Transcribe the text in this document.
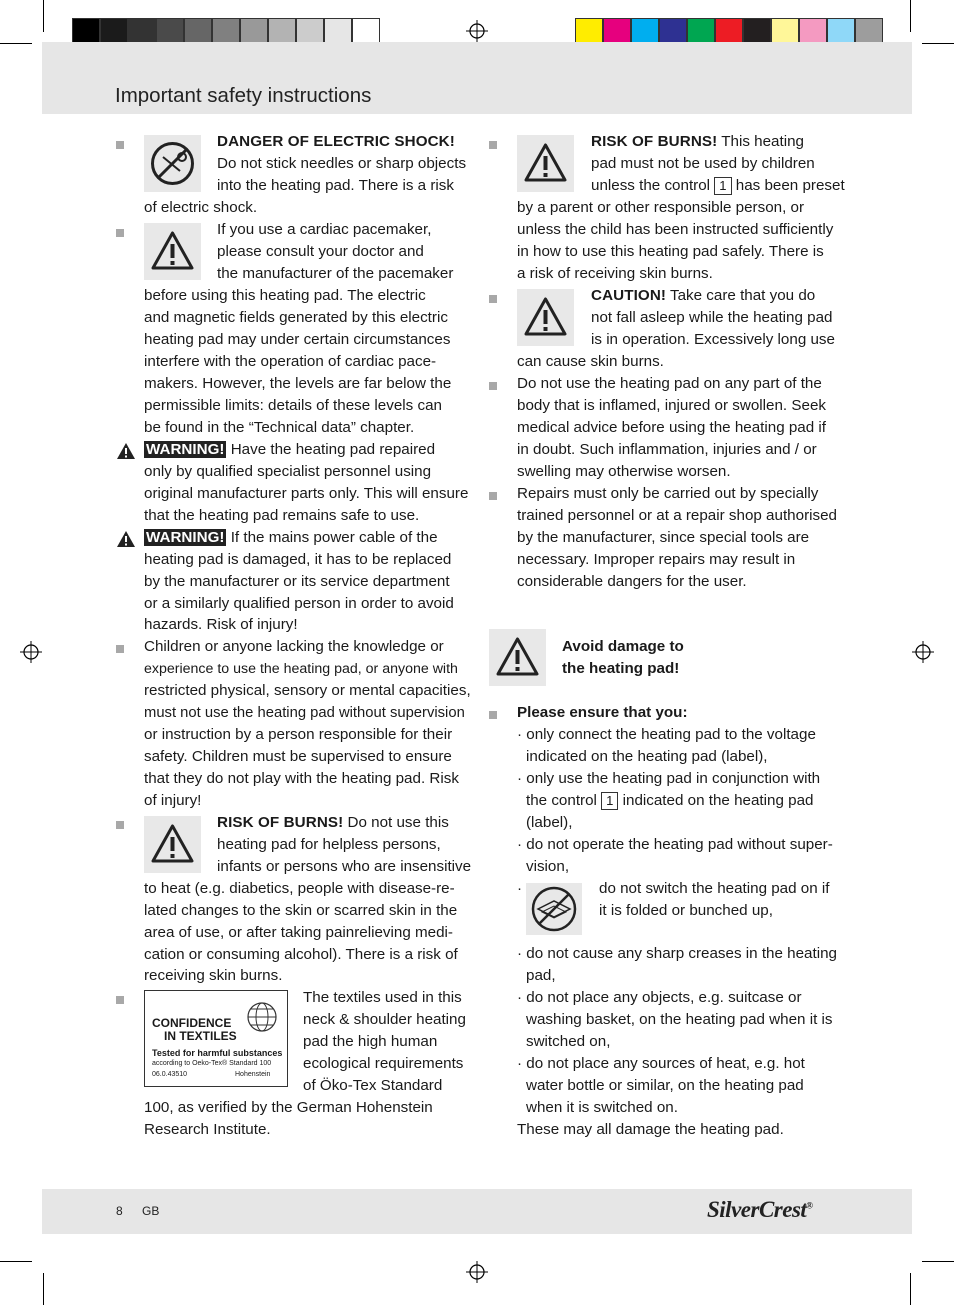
Important safety instructions
DANGER OF ELECTRIC SHOCK!
Do not stick needles or sharp objects
into the heating pad. There is a risk
of electric shock.
If you use a cardiac pacemaker,
please consult your doctor and
the manufacturer of the pacemaker
before using this heating pad. The electric
and magnetic fields generated by this electric
heating pad may under certain circumstances
interfere with the operation of cardiac pace-
makers. However, the levels are far below the
permissible limits: details of these levels can
be found in the “Technical data” chapter.
WARNING! Have the heating pad repaired
only by qualified specialist personnel using
original manufacturer parts only. This will ensure
that the heating pad remains safe to use.
WARNING! If the mains power cable of the
heating pad is damaged, it has to be replaced
by the manufacturer or its service department
or a similarly qualified person in order to avoid
hazards. Risk of injury!
Children or anyone lacking the knowledge or
experience to use the heating pad, or anyone with
restricted physical, sensory or mental capacities,
must not use the heating pad without supervision
or instruction by a person responsible for their
safety. Children must be supervised to ensure
that they do not play with the heating pad. Risk
of injury!
RISK OF BURNS! Do not use this
heating pad for helpless persons,
infants or persons who are insensitive
to heat (e.g. diabetics, people with disease-re-
lated changes to the skin or scarred skin in the
area of use, or after taking painrelieving medi-
cation or consuming alcohol). There is a risk of
receiving skin burns.
CONFIDENCE
IN TEXTILES
Tested for harmful substances
according to Oeko-Tex® Standard 100
06.0.43510	Hohenstein
The textiles used in this
neck & shoulder heating
pad the high human
ecological requirements
of Öko-Tex Standard
100, as verified by the German Hohenstein
Research Institute.
RISK OF BURNS! This heating
pad must not be used by children
unless the control 1 has been preset
by a parent or other responsible person, or
unless the child has been instructed sufficiently
in how to use this heating pad safely. There is
a risk of receiving skin burns.
CAUTION! Take care that you do
not fall asleep while the heating pad
is in operation. Excessively long use
can cause skin burns.
Do not use the heating pad on any part of the
body that is inflamed, injured or swollen. Seek
medical advice before using the heating pad if
in doubt. Such inflammation, injuries and / or
swelling may otherwise worsen.
Repairs must only be carried out by specially
trained personnel or at a repair shop authorised
by the manufacturer, since special tools are
necessary. Improper repairs may result in
considerable dangers for the user.
Avoid damage to
the heating pad!
Please ensure that you:
· only connect the heating pad to the voltage
indicated on the heating pad (label),
· only use the heating pad in conjunction with
the control 1 indicated on the heating pad
(label),
· do not operate the heating pad without super-
vision,
·	do not switch the heating pad on if
it is folded or bunched up,
· do not cause any sharp creases in the heating
pad,
· do not place any objects, e.g. suitcase or
washing basket, on the heating pad when it is
switched on,
· do not place any sources of heat, e.g. hot
water bottle or similar, on the heating pad
when it is switched on.
These may all damage the heating pad.
8 GB	SilverCrest®
